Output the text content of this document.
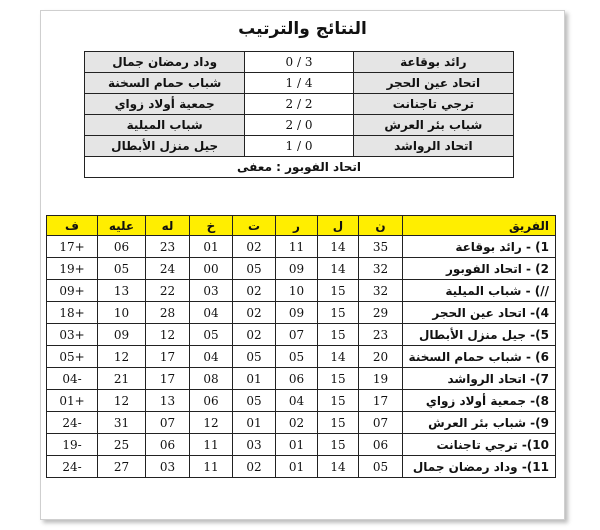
النتائج والترتيب
وداد رمضان جمال	0 / 3	رائد بوقاعة
شباب حمام السخنة	1 / 4	اتحاد عين الحجر
جمعية أولاد زواي	2 / 2	ترجي تاجنانت
شباب الميلية	2 / 0	شباب بئر العرش
جيل منزل الأبطال	1 / 0	اتحاد الرواشد
اتحاد الفوبور : معفى		
ف	عليه	له	خ	ت	ر	ل	ن	الفريق
17+	06	23	01	02	11	14	35	1) - رائد بوقاعة
19+	05	24	00	05	09	14	32	2) - اتحاد الفوبور
09+	13	22	03	02	10	15	32	//) - شباب الميلية
18+	10	28	04	02	09	15	29	4)- اتحاد عين الحجر
03+	09	12	05	02	07	15	23	5)- جيل منزل الأبطال
05+	12	17	04	05	05	14	20	6) - شباب حمام السخنة
04-	21	17	08	01	06	15	19	7)- اتحاد الرواشد
01+	12	13	06	05	04	15	17	8)- جمعية أولاد زواي
24-	31	07	12	01	02	15	07	9)- شباب بئر العرش
19-	25	06	11	03	01	15	06	10)- ترجي تاجنانت
24-	27	03	11	02	01	14	05	11)- وداد رمضان جمال
